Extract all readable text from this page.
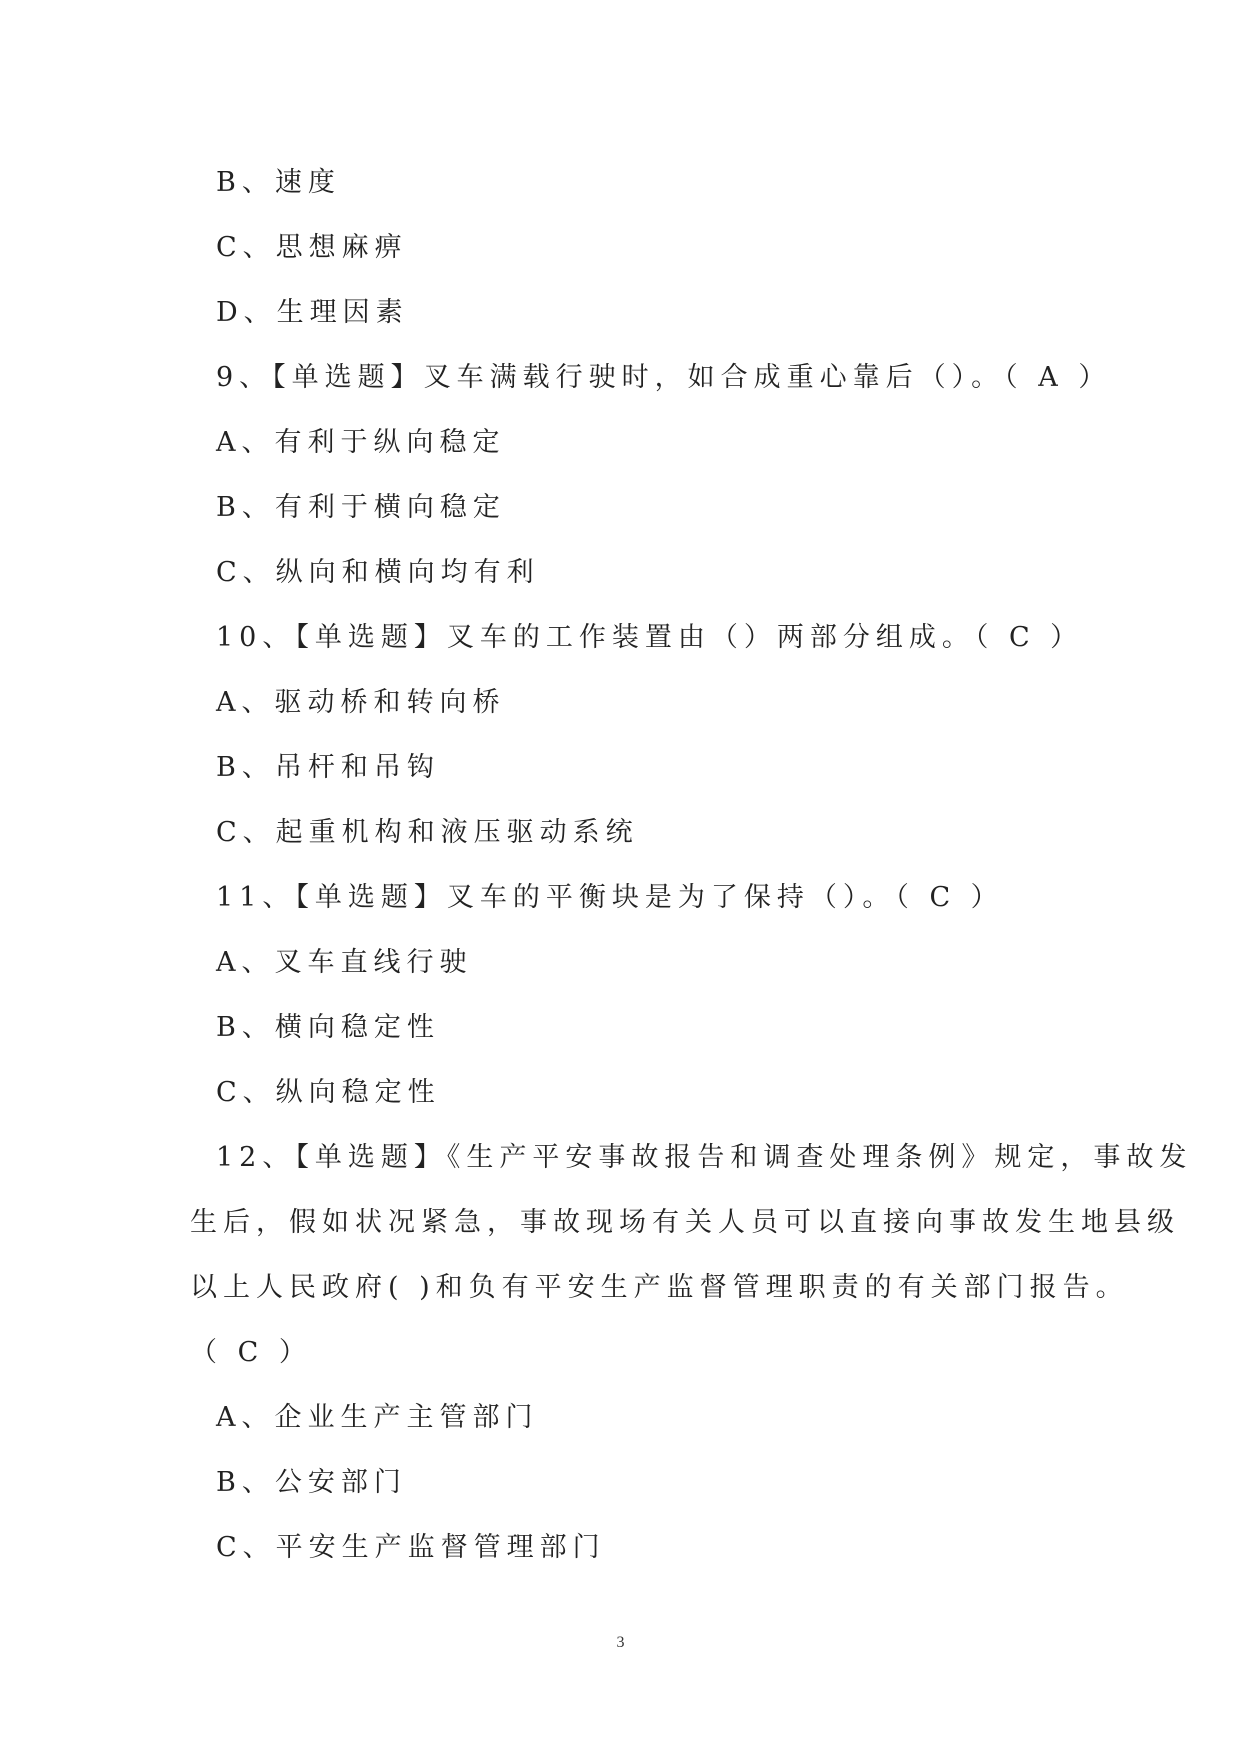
B、速度
C、思想麻痹
D、生理因素
9、【单选题】叉车满载行驶时，如合成重心靠后（）。（ A ）
A、有利于纵向稳定
B、有利于横向稳定
C、纵向和横向均有利
10、【单选题】叉车的工作装置由（）两部分组成。（ C ）
A、驱动桥和转向桥
B、吊杆和吊钩
C、起重机构和液压驱动系统
11、【单选题】叉车的平衡块是为了保持（）。（ C ）
A、叉车直线行驶
B、横向稳定性
C、纵向稳定性
12、【单选题】《生产平安事故报告和调查处理条例》规定，事故发
生后，假如状况紧急，事故现场有关人员可以直接向事故发生地县级
以上人民政府( )和负有平安生产监督管理职责的有关部门报告。
（ C ）
A、企业生产主管部门
B、公安部门
C、平安生产监督管理部门
3
